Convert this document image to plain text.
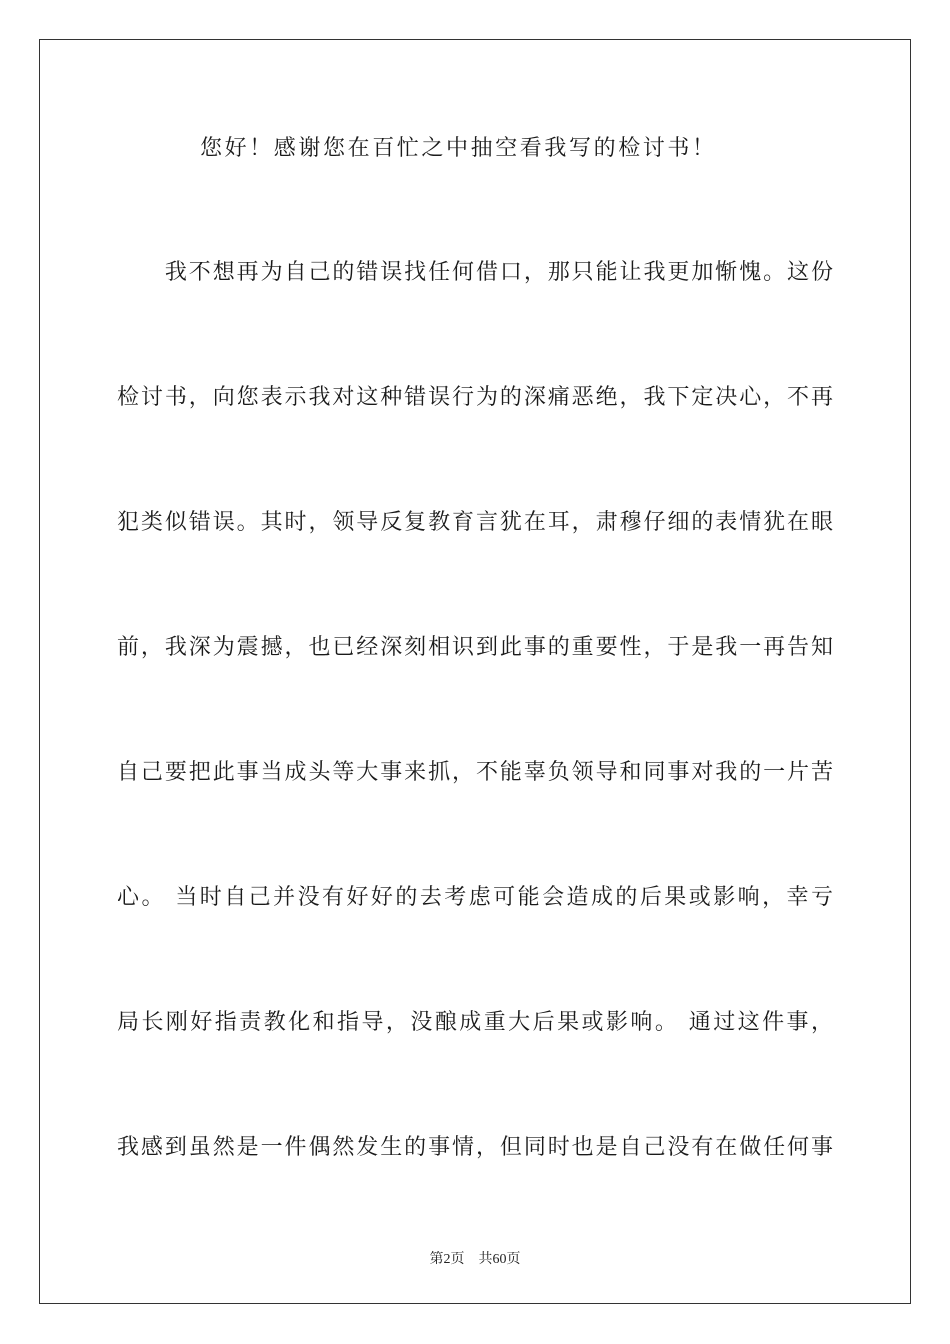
您好！感谢您在百忙之中抽空看我写的检讨书！
　　我不想再为自己的错误找任何借口，那只能让我更加惭愧。这份
检讨书，向您表示我对这种错误行为的深痛恶绝，我下定决心，不再
犯类似错误。其时，领导反复教育言犹在耳，肃穆仔细的表情犹在眼
前，我深为震撼，也已经深刻相识到此事的重要性，于是我一再告知
自己要把此事当成头等大事来抓，不能辜负领导和同事对我的一片苦
心。 当时自己并没有好好的去考虑可能会造成的后果或影响，幸亏
局长刚好指责教化和指导，没酿成重大后果或影响。 通过这件事，
我感到虽然是一件偶然发生的事情，但同时也是自己没有在做任何事
第2页 共60页
